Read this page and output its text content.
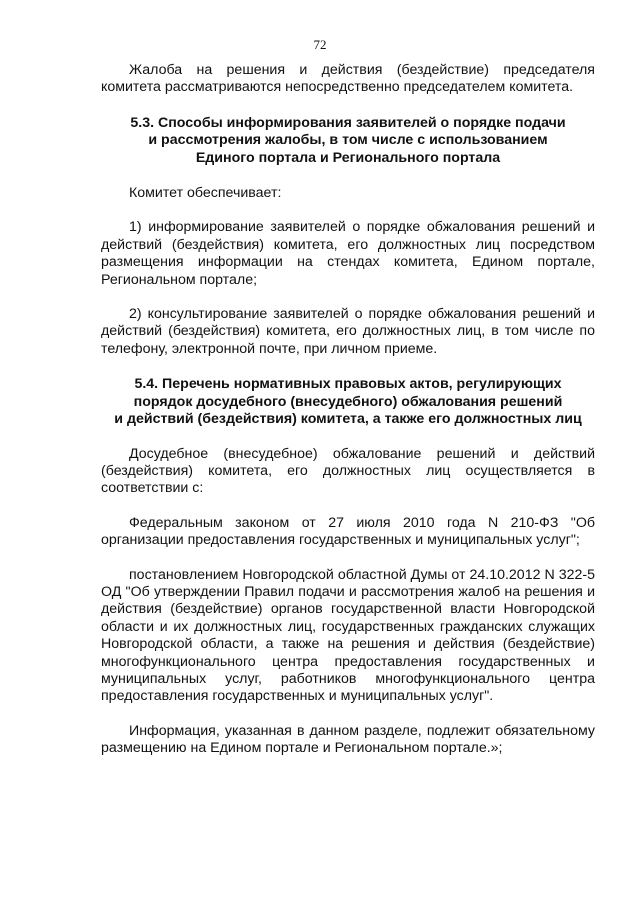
72

Жалоба на решения и действия (бездействие) председателя комитета рассматриваются непосредственно председателем комитета.

5.3. Способы информирования заявителей о порядке подачи
и рассмотрения жалобы, в том числе с использованием
Единого портала и Регионального портала

Комитет обеспечивает:

1) информирование заявителей о порядке обжалования решений и действий (бездействия) комитета, его должностных лиц посредством размещения информации на стендах комитета, Едином портале, Региональном портале;

2) консультирование заявителей о порядке обжалования решений и действий (бездействия) комитета, его должностных лиц, в том числе по телефону, электронной почте, при личном приеме.

5.4. Перечень нормативных правовых актов, регулирующих
порядок досудебного (внесудебного) обжалования решений
и действий (бездействия) комитета, а также его должностных лиц

Досудебное (внесудебное) обжалование решений и действий (бездействия) комитета, его должностных лиц осуществляется в соответствии с:

Федеральным законом от 27 июля 2010 года N 210-ФЗ "Об организации предоставления государственных и муниципальных услуг";

постановлением Новгородской областной Думы от 24.10.2012 N 322-5 ОД "Об утверждении Правил подачи и рассмотрения жалоб на решения и действия (бездействие) органов государственной власти Новгородской области и их должностных лиц, государственных гражданских служащих Новгородской области, а также на решения и действия (бездействие) многофункционального центра предоставления государственных и муниципальных услуг, работников многофункционального центра предоставления государственных и муниципальных услуг".

Информация, указанная в данном разделе, подлежит обязательному размещению на Едином портале и Региональном портале.»;
